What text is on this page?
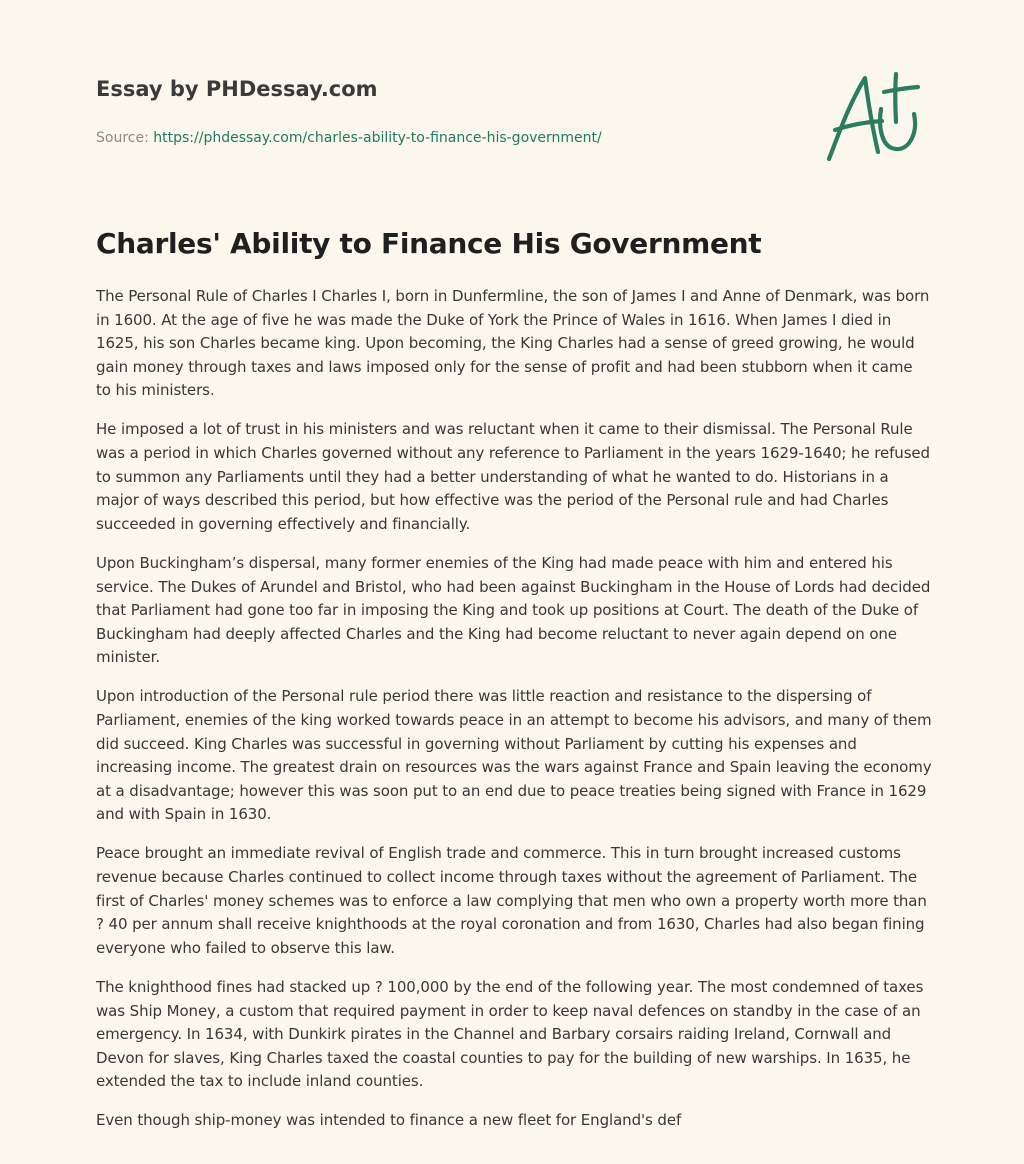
Essay by PHDessay.com
Source: https://phdessay.com/charles-ability-to-finance-his-government/
Charles' Ability to Finance His Government

The Personal Rule of Charles I Charles I, born in Dunfermline, the son of James I and Anne of Denmark, was born in 1600. At the age of five he was made the Duke of York the Prince of Wales in 1616. When James I died in 1625, his son Charles became king. Upon becoming, the King Charles had a sense of greed growing, he would gain money through taxes and laws imposed only for the sense of profit and had been stubborn when it came to his ministers.

He imposed a lot of trust in his ministers and was reluctant when it came to their dismissal. The Personal Rule was a period in which Charles governed without any reference to Parliament in the years 1629-1640; he refused to summon any Parliaments until they had a better understanding of what he wanted to do. Historians in a major of ways described this period, but how effective was the period of the Personal rule and had Charles succeeded in governing effectively and financially.

Upon Buckingham’s dispersal, many former enemies of the King had made peace with him and entered his service. The Dukes of Arundel and Bristol, who had been against Buckingham in the House of Lords had decided that Parliament had gone too far in imposing the King and took up positions at Court. The death of the Duke of Buckingham had deeply affected Charles and the King had become reluctant to never again depend on one minister.

Upon introduction of the Personal rule period there was little reaction and resistance to the dispersing of Parliament, enemies of the king worked towards peace in an attempt to become his advisors, and many of them did succeed. King Charles was successful in governing without Parliament by cutting his expenses and increasing income. The greatest drain on resources was the wars against France and Spain leaving the economy at a disadvantage; however this was soon put to an end due to peace treaties being signed with France in 1629 and with Spain in 1630.

Peace brought an immediate revival of English trade and commerce. This in turn brought increased customs revenue because Charles continued to collect income through taxes without the agreement of Parliament. The first of Charles' money schemes was to enforce a law complying that men who own a property worth more than ? 40 per annum shall receive knighthoods at the royal coronation and from 1630, Charles had also began fining everyone who failed to observe this law.

The knighthood fines had stacked up ? 100,000 by the end of the following year. The most condemned of taxes was Ship Money, a custom that required payment in order to keep naval defences on standby in the case of an emergency. In 1634, with Dunkirk pirates in the Channel and Barbary corsairs raiding Ireland, Cornwall and Devon for slaves, King Charles taxed the coastal counties to pay for the building of new warships. In 1635, he extended the tax to include inland counties.

Even though ship-money was intended to finance a new fleet for England's def
